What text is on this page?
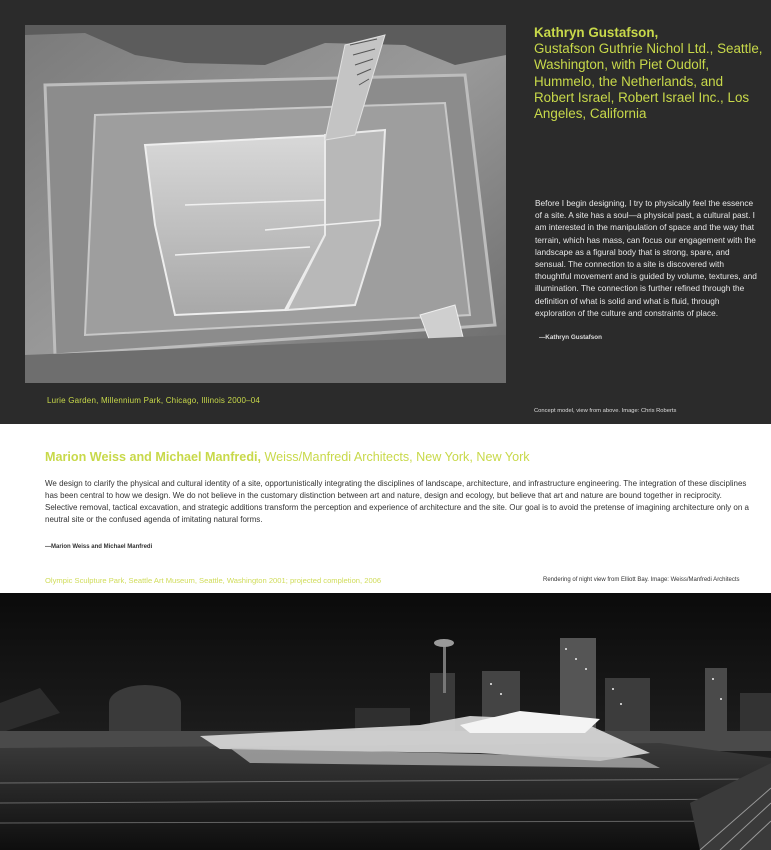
Kathryn Gustafson,
Gustafson Guthrie Nichol Ltd., Seattle, Washington, with Piet Oudolf, Hummelo, the Netherlands, and Robert Israel, Robert Israel Inc., Los Angeles, California

Before I begin designing, I try to physically feel the essence of a site. A site has a soul—a physical past, a cultural past. I am interested in the manipulation of space and the way that terrain, which has mass, can focus our engagement with the landscape as a figural body that is strong, spare, and sensual. The connection to a site is discovered with thoughtful movement and is guided by volume, textures, and illumination. The connection is further refined through the definition of what is solid and what is fluid, through exploration of the culture and constraints of place.

—Kathryn Gustafson

Lurie Garden, Millennium Park, Chicago, Illinois 2000–04

Concept model, view from above. Image: Chris Roberts

Marion Weiss and Michael Manfredi, Weiss/Manfredi Architects, New York, New York

We design to clarify the physical and cultural identity of a site, opportunistically integrating the disciplines of landscape, architecture, and infrastructure engineering. The integration of these disciplines has been central to how we design. We do not believe in the customary distinction between art and nature, design and ecology, but believe that art and nature are bound together in reciprocity. Selective removal, tactical excavation, and strategic additions transform the perception and experience of architecture and the site. Our goal is to avoid the pretense of imagining architecture only on a neutral site or the confused agenda of imitating natural forms.

—Marion Weiss and Michael Manfredi

Olympic Sculpture Park, Seattle Art Museum, Seattle, Washington 2001; projected completion, 2006	Rendering of night view from Elliott Bay. Image: Weiss/Manfredi Architects
